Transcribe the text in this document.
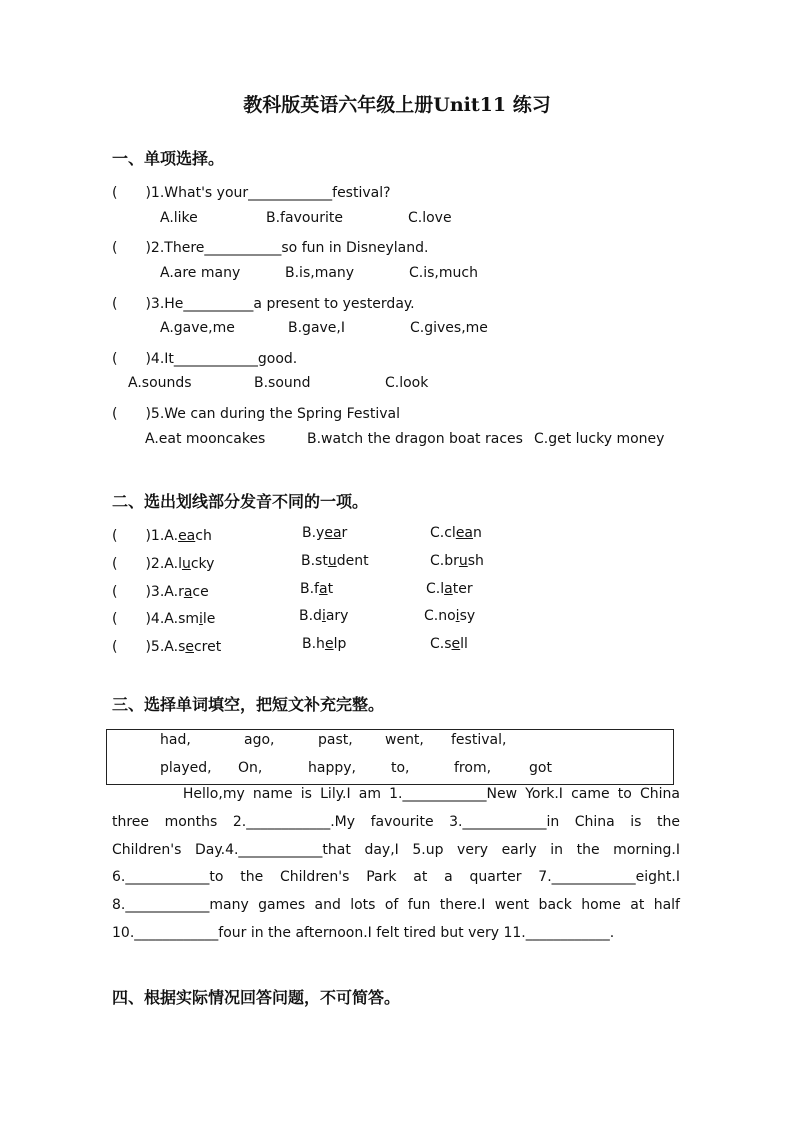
教科版英语六年级上册Unit11 练习
一、单项选择。
(　　)1.What's your____________festival?
A.like	B.favourite	C.love
(　　)2.There___________so fun in Disneyland.
A.are many	B.is,many	C.is,much
(　　)3.He__________a present to yesterday.
A.gave,me	B.gave,I	C.gives,me
(　　)4.It____________good.
A.sounds	B.sound	C.look
(　　)5.We can during the Spring Festival
A.eat mooncakes	B.watch the dragon boat races C.get lucky money
二、选出划线部分发音不同的一项。
(　　)1.A.each	B.year	C.clean
(　　)2.A.lucky	B.student	C.brush
(　　)3.A.race	B.fat	C.later
(　　)4.A.smile	B.diary	C.noisy
(　　)5.A.secret	B.help	C.sell
三、选择单词填空，把短文补充完整。
had,	ago,	past, went, festival,
played, On,	happy,	to,	from,	got
　　　　Hello,my name is Lily.I am 1.____________New York.I came to China
three months 2.____________.My favourite 3.____________in China is the
Children's Day.4.____________that day,I 5.up very early in the morning.I
6.____________to the Children's Park at a quarter 7.____________eight.I
8.____________many games and lots of fun there.I went back home at half
10.____________four in the afternoon.I felt tired but very 11.____________.
四、根据实际情况回答问题，不可简答。
